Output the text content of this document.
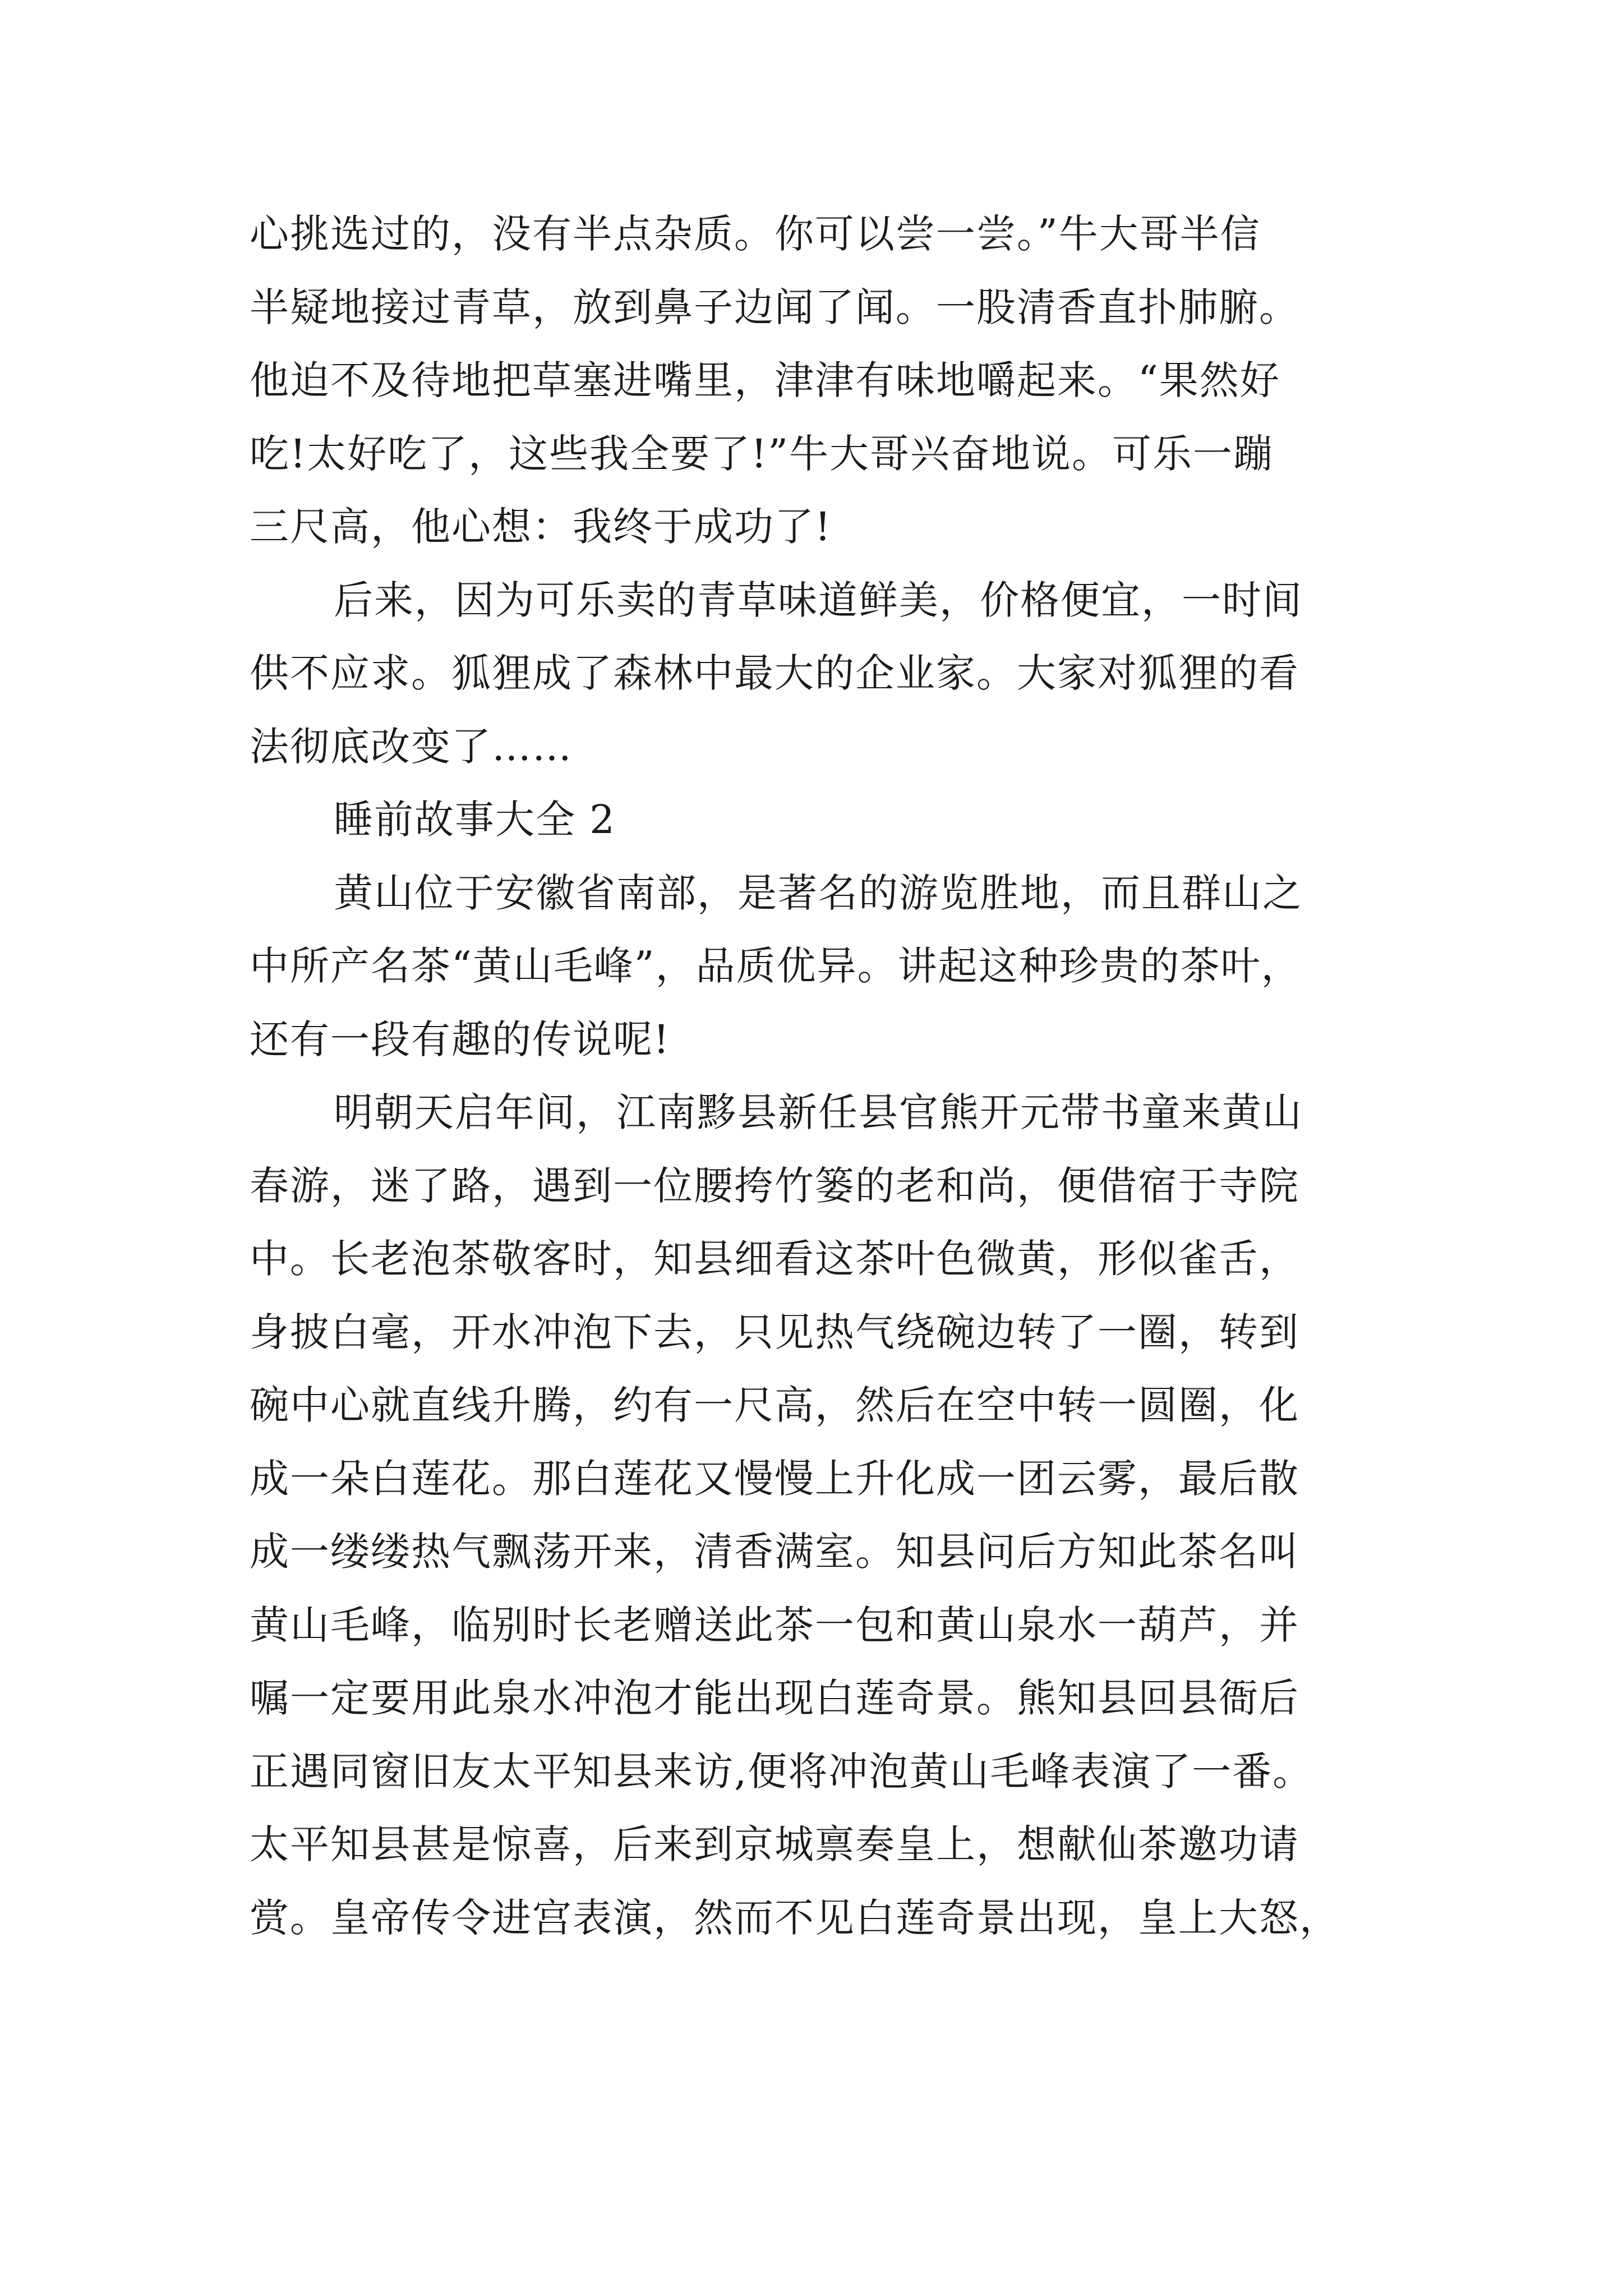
心挑选过的，没有半点杂质。你可以尝一尝。”牛大哥半信
半疑地接过青草，放到鼻子边闻了闻。一股清香直扑肺腑。
他迫不及待地把草塞进嘴里，津津有味地嚼起来。“果然好
吃!太好吃了，这些我全要了!”牛大哥兴奋地说。可乐一蹦
三尺高，他心想：我终于成功了!
后来，因为可乐卖的青草味道鲜美，价格便宜，一时间
供不应求。狐狸成了森林中最大的企业家。大家对狐狸的看
法彻底改变了……
睡前故事大全 2
黄山位于安徽省南部，是著名的游览胜地，而且群山之
中所产名茶“黄山毛峰”，品质优异。讲起这种珍贵的茶叶，
还有一段有趣的传说呢!
明朝天启年间，江南黟县新任县官熊开元带书童来黄山
春游，迷了路，遇到一位腰挎竹篓的老和尚，便借宿于寺院
中。长老泡茶敬客时，知县细看这茶叶色微黄，形似雀舌，
身披白毫，开水冲泡下去，只见热气绕碗边转了一圈，转到
碗中心就直线升腾，约有一尺高，然后在空中转一圆圈，化
成一朵白莲花。那白莲花又慢慢上升化成一团云雾，最后散
成一缕缕热气飘荡开来，清香满室。知县问后方知此茶名叫
黄山毛峰，临别时长老赠送此茶一包和黄山泉水一葫芦，并
嘱一定要用此泉水冲泡才能出现白莲奇景。熊知县回县衙后
正遇同窗旧友太平知县来访,便将冲泡黄山毛峰表演了一番。
太平知县甚是惊喜，后来到京城禀奏皇上，想献仙茶邀功请
赏。皇帝传令进宫表演，然而不见白莲奇景出现，皇上大怒，
